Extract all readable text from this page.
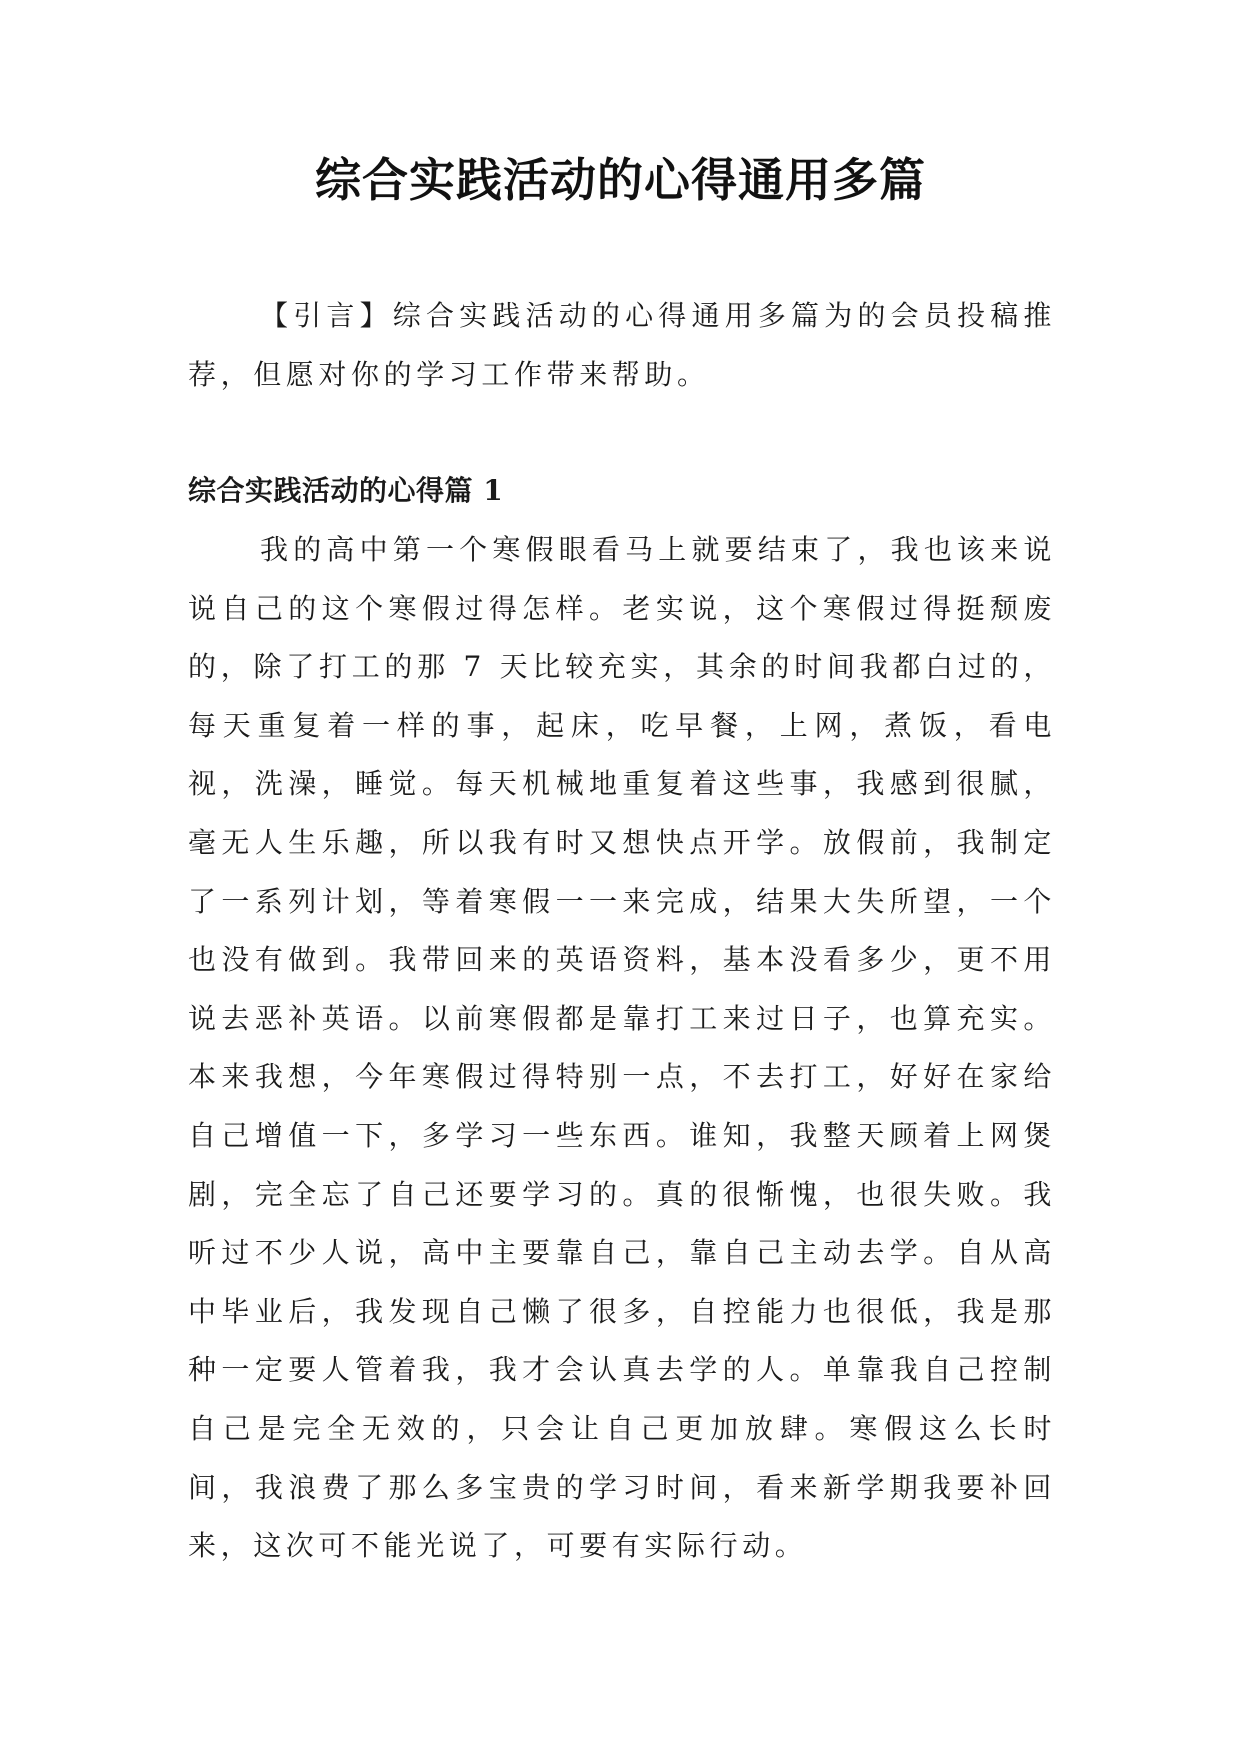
综合实践活动的心得通用多篇

【引言】综合实践活动的心得通用多篇为的会员投稿推荐，但愿对你的学习工作带来帮助。

综合实践活动的心得篇 1

我的高中第一个寒假眼看马上就要结束了，我也该来说说自己的这个寒假过得怎样。老实说，这个寒假过得挺颓废的，除了打工的那 7 天比较充实，其余的时间我都白过的，每天重复着一样的事，起床，吃早餐，上网，煮饭，看电视，洗澡，睡觉。每天机械地重复着这些事，我感到很腻，毫无人生乐趣，所以我有时又想快点开学。放假前，我制定了一系列计划，等着寒假一一来完成，结果大失所望，一个也没有做到。我带回来的英语资料，基本没看多少，更不用说去恶补英语。以前寒假都是靠打工来过日子，也算充实。本来我想，今年寒假过得特别一点，不去打工，好好在家给自己增值一下，多学习一些东西。谁知，我整天顾着上网煲剧，完全忘了自己还要学习的。真的很惭愧，也很失败。我听过不少人说，高中主要靠自己，靠自己主动去学。自从高中毕业后，我发现自己懒了很多，自控能力也很低，我是那种一定要人管着我，我才会认真去学的人。单靠我自己控制自己是完全无效的，只会让自己更加放肆。寒假这么长时间，我浪费了那么多宝贵的学习时间，看来新学期我要补回来，这次可不能光说了，可要有实际行动。
